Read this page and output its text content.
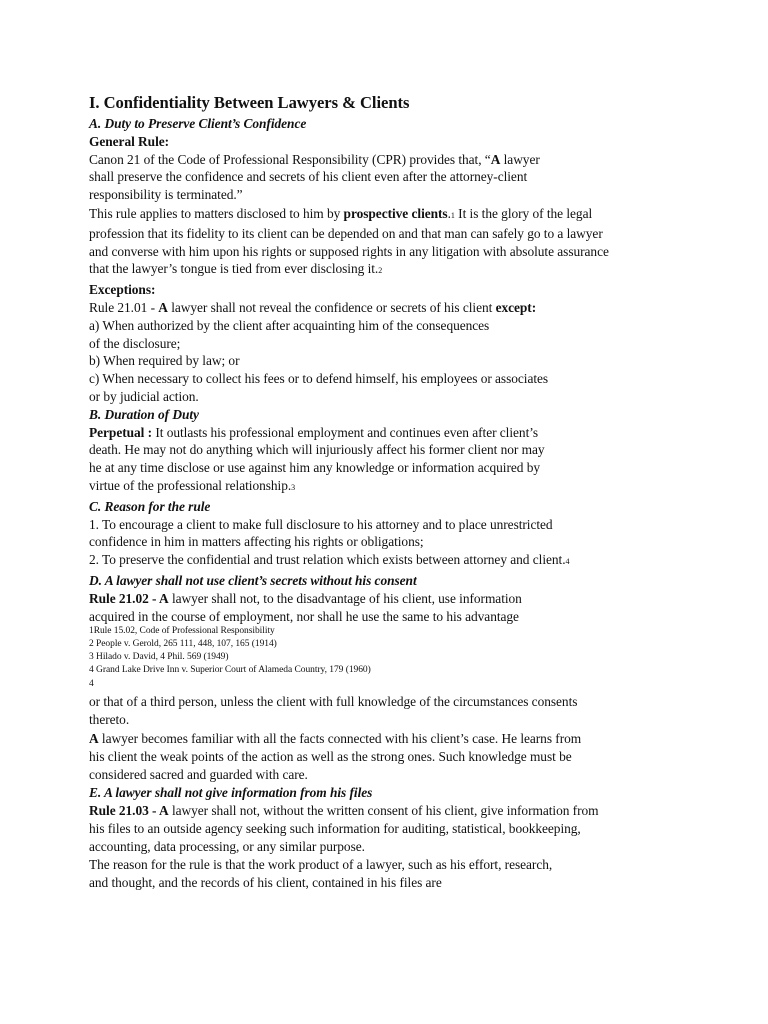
I. Confidentiality Between Lawyers & Clients
A. Duty to Preserve Client’s Confidence
General Rule:

Canon 21 of the Code of Professional Responsibility (CPR) provides that, “A lawyer shall preserve the confidence and secrets of his client even after the attorney-client responsibility is terminated.”

This rule applies to matters disclosed to him by prospective clients.1 It is the glory of the legal profession that its fidelity to its client can be depended on and that man can safely go to a lawyer and converse with him upon his rights or supposed rights in any litigation with absolute assurance that the lawyer’s tongue is tied from ever disclosing it.2

Exceptions:

Rule 21.01 - A lawyer shall not reveal the confidence or secrets of his client except:

a) When authorized by the client after acquainting him of the consequences

of the disclosure;

b) When required by law; or

c) When necessary to collect his fees or to defend himself, his employees or associates or by judicial action.

B. Duration of Duty

Perpetual : It outlasts his professional employment and continues even after client’s death. He may not do anything which will injuriously affect his former client nor may he at any time disclose or use against him any knowledge or information acquired by virtue of the professional relationship.3

C. Reason for the rule

1. To encourage a client to make full disclosure to his attorney and to place unrestricted confidence in him in matters affecting his rights or obligations;

2. To preserve the confidential and trust relation which exists between attorney and client.4

D. A lawyer shall not use client’s secrets without his consent

Rule 21.02 - A lawyer shall not, to the disadvantage of his client, use information acquired in the course of employment, nor shall he use the same to his advantage

1Rule 15.02, Code of Professional Responsibility
2 People v. Gerold, 265 111, 448, 107, 165 (1914)
3 Hilado v. David, 4 Phil. 569 (1949)
4 Grand Lake Drive Inn v. Superior Court of Alameda Country, 179 (1960)
4

or that of a third person, unless the client with full knowledge of the circumstances consents thereto.

A lawyer becomes familiar with all the facts connected with his client’s case. He learns from his client the weak points of the action as well as the strong ones. Such knowledge must be considered sacred and guarded with care.

E. A lawyer shall not give information from his files

Rule 21.03 - A lawyer shall not, without the written consent of his client, give information from his files to an outside agency seeking such information for auditing, statistical, bookkeeping, accounting, data processing, or any similar purpose.

The reason for the rule is that the work product of a lawyer, such as his effort, research, and thought, and the records of his client, contained in his files are
